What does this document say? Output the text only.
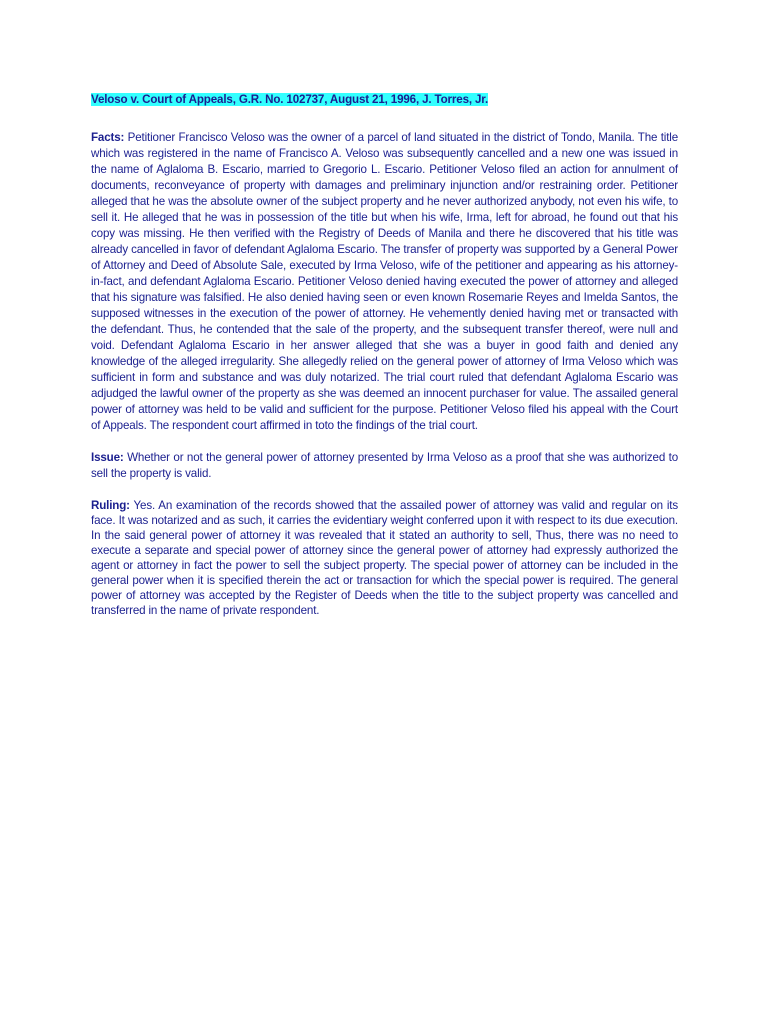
Veloso v. Court of Appeals, G.R. No. 102737, August 21, 1996, J. Torres, Jr.

Facts: Petitioner Francisco Veloso was the owner of a parcel of land situated in the district of Tondo, Manila. The title which was registered in the name of Francisco A. Veloso was subsequently cancelled and a new one was issued in the name of Aglaloma B. Escario, married to Gregorio L. Escario. Petitioner Veloso filed an action for annulment of documents, reconveyance of property with damages and preliminary injunction and/or restraining order. Petitioner alleged that he was the absolute owner of the subject property and he never authorized anybody, not even his wife, to sell it. He alleged that he was in possession of the title but when his wife, Irma, left for abroad, he found out that his copy was missing. He then verified with the Registry of Deeds of Manila and there he discovered that his title was already cancelled in favor of defendant Aglaloma Escario. The transfer of property was supported by a General Power of Attorney and Deed of Absolute Sale, executed by Irma Veloso, wife of the petitioner and appearing as his attorney-in-fact, and defendant Aglaloma Escario. Petitioner Veloso denied having executed the power of attorney and alleged that his signature was falsified. He also denied having seen or even known Rosemarie Reyes and Imelda Santos, the supposed witnesses in the execution of the power of attorney. He vehemently denied having met or transacted with the defendant. Thus, he contended that the sale of the property, and the subsequent transfer thereof, were null and void. Defendant Aglaloma Escario in her answer alleged that she was a buyer in good faith and denied any knowledge of the alleged irregularity. She allegedly relied on the general power of attorney of Irma Veloso which was sufficient in form and substance and was duly notarized. The trial court ruled that defendant Aglaloma Escario was adjudged the lawful owner of the property as she was deemed an innocent purchaser for value. The assailed general power of attorney was held to be valid and sufficient for the purpose. Petitioner Veloso filed his appeal with the Court of Appeals. The respondent court affirmed in toto the findings of the trial court.

Issue: Whether or not the general power of attorney presented by Irma Veloso as a proof that she was authorized to sell the property is valid.

Ruling: Yes. An examination of the records showed that the assailed power of attorney was valid and regular on its face. It was notarized and as such, it carries the evidentiary weight conferred upon it with respect to its due execution. In the said general power of attorney it was revealed that it stated an authority to sell, Thus, there was no need to execute a separate and special power of attorney since the general power of attorney had expressly authorized the agent or attorney in fact the power to sell the subject property. The special power of attorney can be included in the general power when it is specified therein the act or transaction for which the special power is required. The general power of attorney was accepted by the Register of Deeds when the title to the subject property was cancelled and transferred in the name of private respondent.
